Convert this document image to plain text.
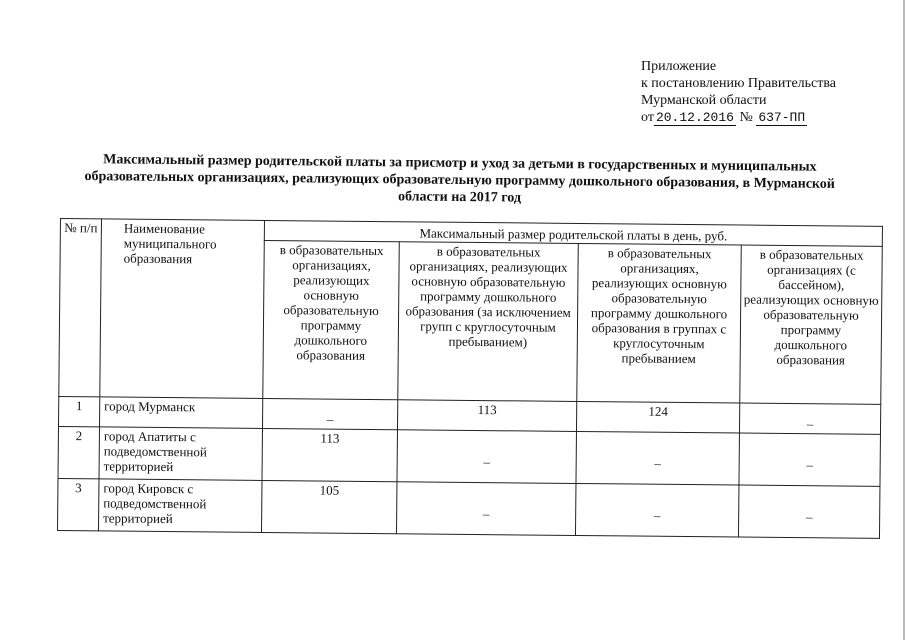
Приложение
к постановлению Правительства
Мурманской области
от 20.12.2016 № 637-ПП
Максимальный размер родительской платы за присмотр и уход за детьми в государственных и муниципальных образовательных организациях, реализующих образовательную программу дошкольного образования, в Мурманской области на 2017 год
№ п/п	Наименование муниципального образования	Максимальный размер родительской платы в день, руб.			
		в образовательных организациях, реализующих основную образовательную программу дошкольного образования	в образовательных организациях, реализующих основную образовательную программу дошкольного образования (за исключением групп с круглосуточным пребыванием)	в образовательных организациях, реализующих основную образовательную программу дошкольного образования в группах с круглосуточным пребыванием	в образовательных организациях (с бассейном), реализующих основную образовательную программу дошкольного образования
1	город Мурманск	–	113	124	–
2	город Апатиты с подведомственной территорией	113	–	–	–
3	город Кировск с подведомственной территорией	105	–	–	–
